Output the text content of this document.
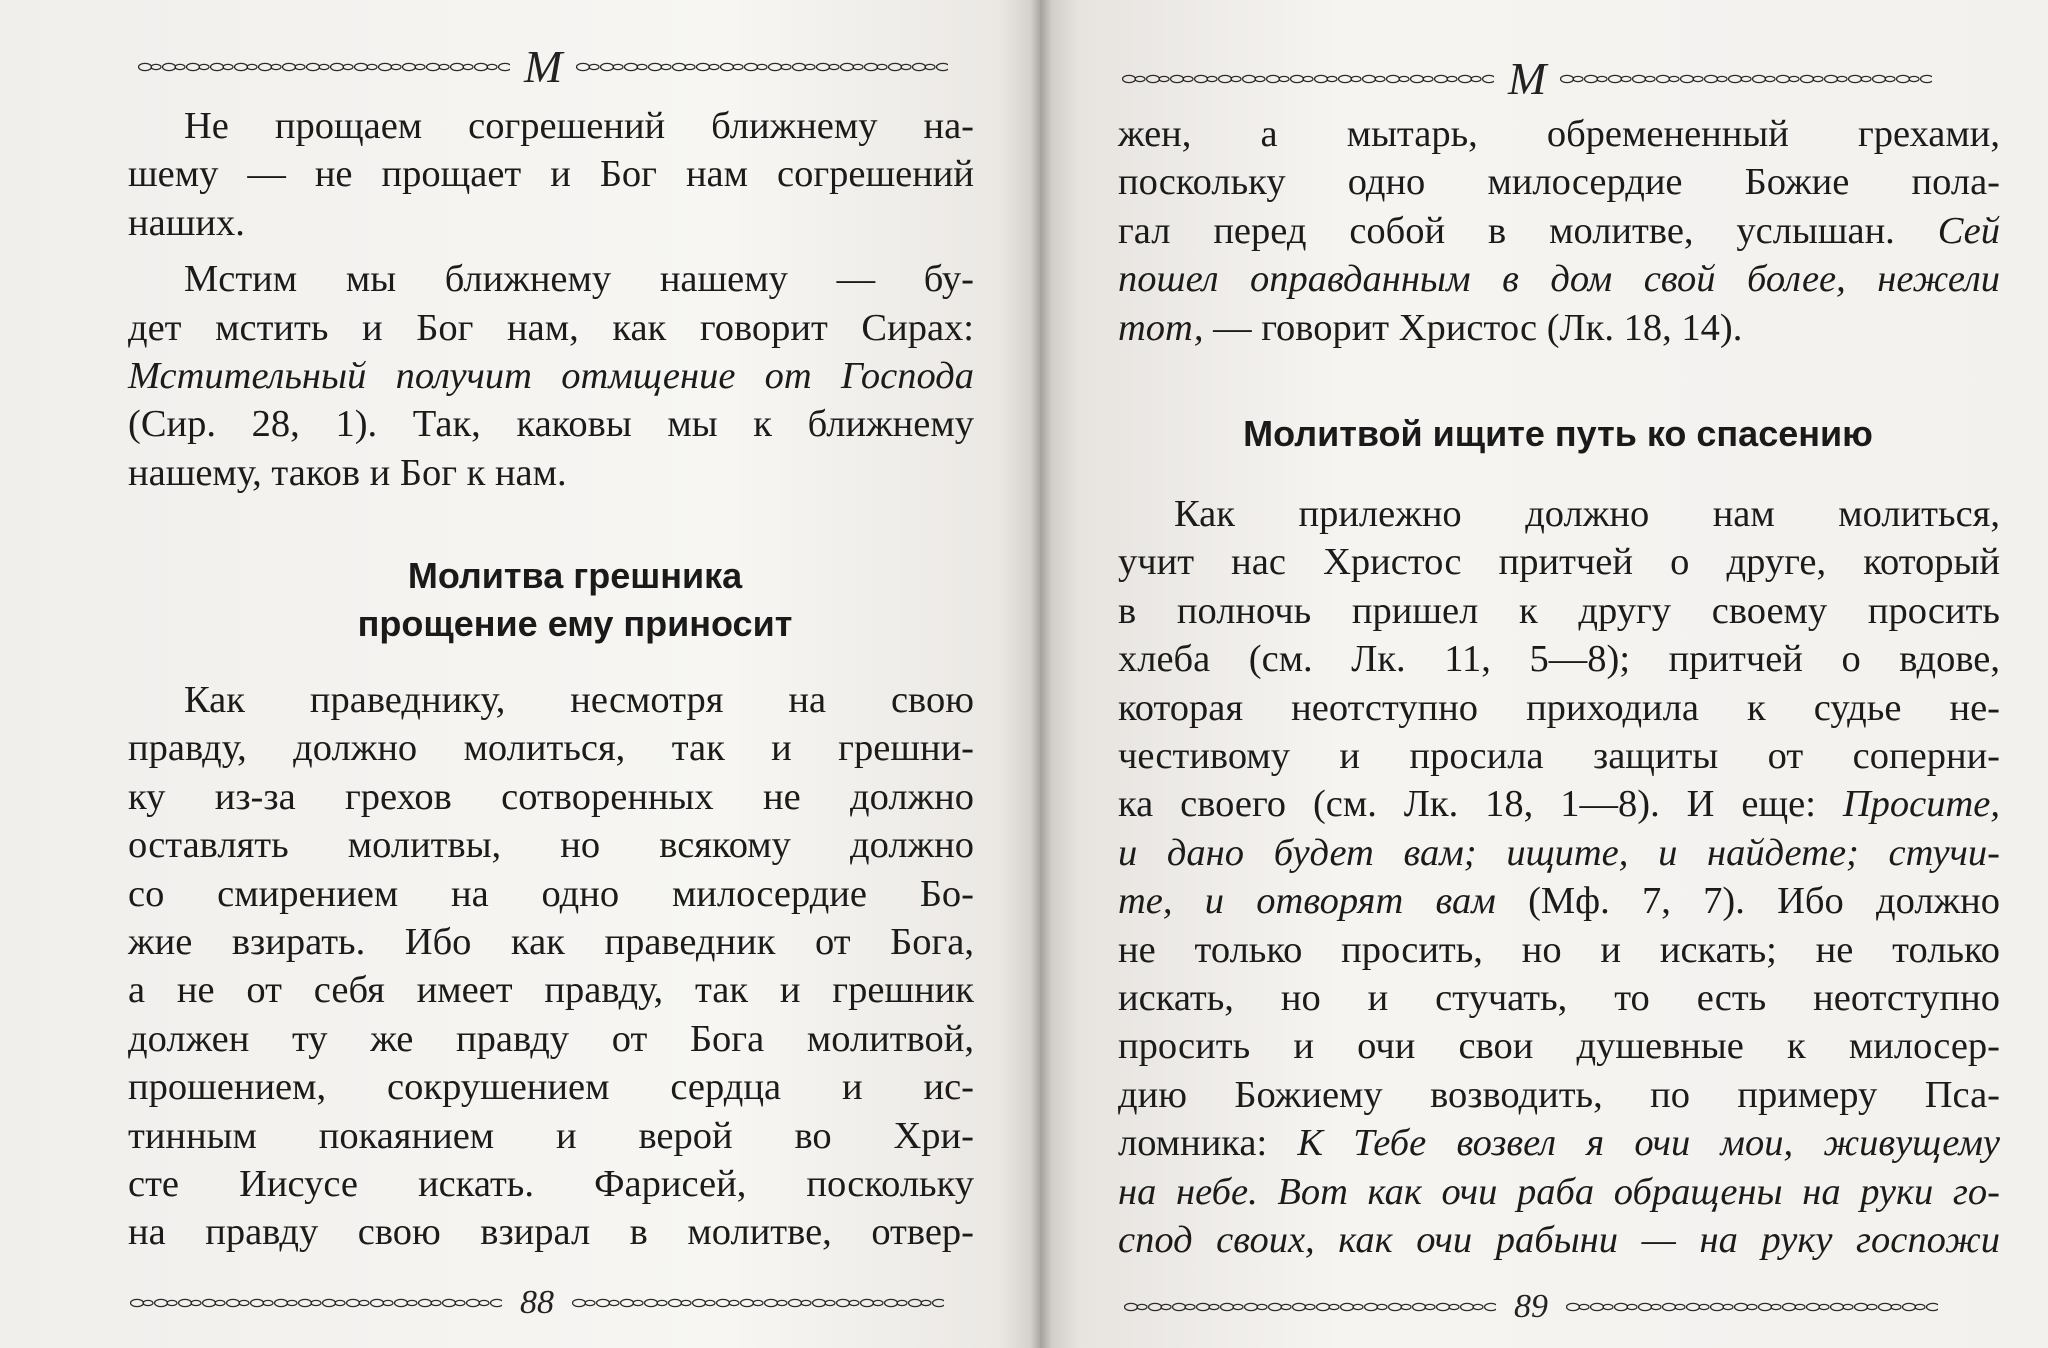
M
Не прощаем согрешений ближнему на-
шему — не прощает и Бог нам согрешений
наших.
Мстим мы ближнему нашему — бу-
дет мстить и Бог нам, как говорит Сирах:
Мстительный получит отмщение от Господа
(Сир. 28, 1). Так, каковы мы к ближнему
нашему, таков и Бог к нам.
Молитва грешника
прощение ему приносит
Как праведнику, несмотря на свою
правду, должно молиться, так и грешни-
ку из-за грехов сотворенных не должно
оставлять молитвы, но всякому должно
со смирением на одно милосердие Бо-
жие взирать. Ибо как праведник от Бога,
а не от себя имеет правду, так и грешник
должен ту же правду от Бога молитвой,
прошением, сокрушением сердца и ис-
тинным покаянием и верой во Хри-
сте Иисусе искать. Фарисей, поскольку
на правду свою взирал в молитве, отвер-
88
M
жен, а мытарь, обремененный грехами,
поскольку одно милосердие Божие пола-
гал перед собой в молитве, услышан. Сей
пошел оправданным в дом свой более, нежели
тот, — говорит Христос (Лк. 18, 14).
Молитвой ищите путь ко спасению
Как прилежно должно нам молиться,
учит нас Христос притчей о друге, который
в полночь пришел к другу своему просить
хлеба (см. Лк. 11, 5—8); притчей о вдове,
которая неотступно приходила к судье не-
честивому и просила защиты от соперни-
ка своего (см. Лк. 18, 1—8). И еще: Просите,
и дано будет вам; ищите, и найдете; стучи-
те, и отворят вам (Мф. 7, 7). Ибо должно
не только просить, но и искать; не только
искать, но и стучать, то есть неотступно
просить и очи свои душевные к милосер-
дию Божиему возводить, по примеру Пса-
ломника: К Тебе возвел я очи мои, живущему
на небе. Вот как очи раба обращены на руки го-
спод своих, как очи рабыни — на руку госпожи
89
